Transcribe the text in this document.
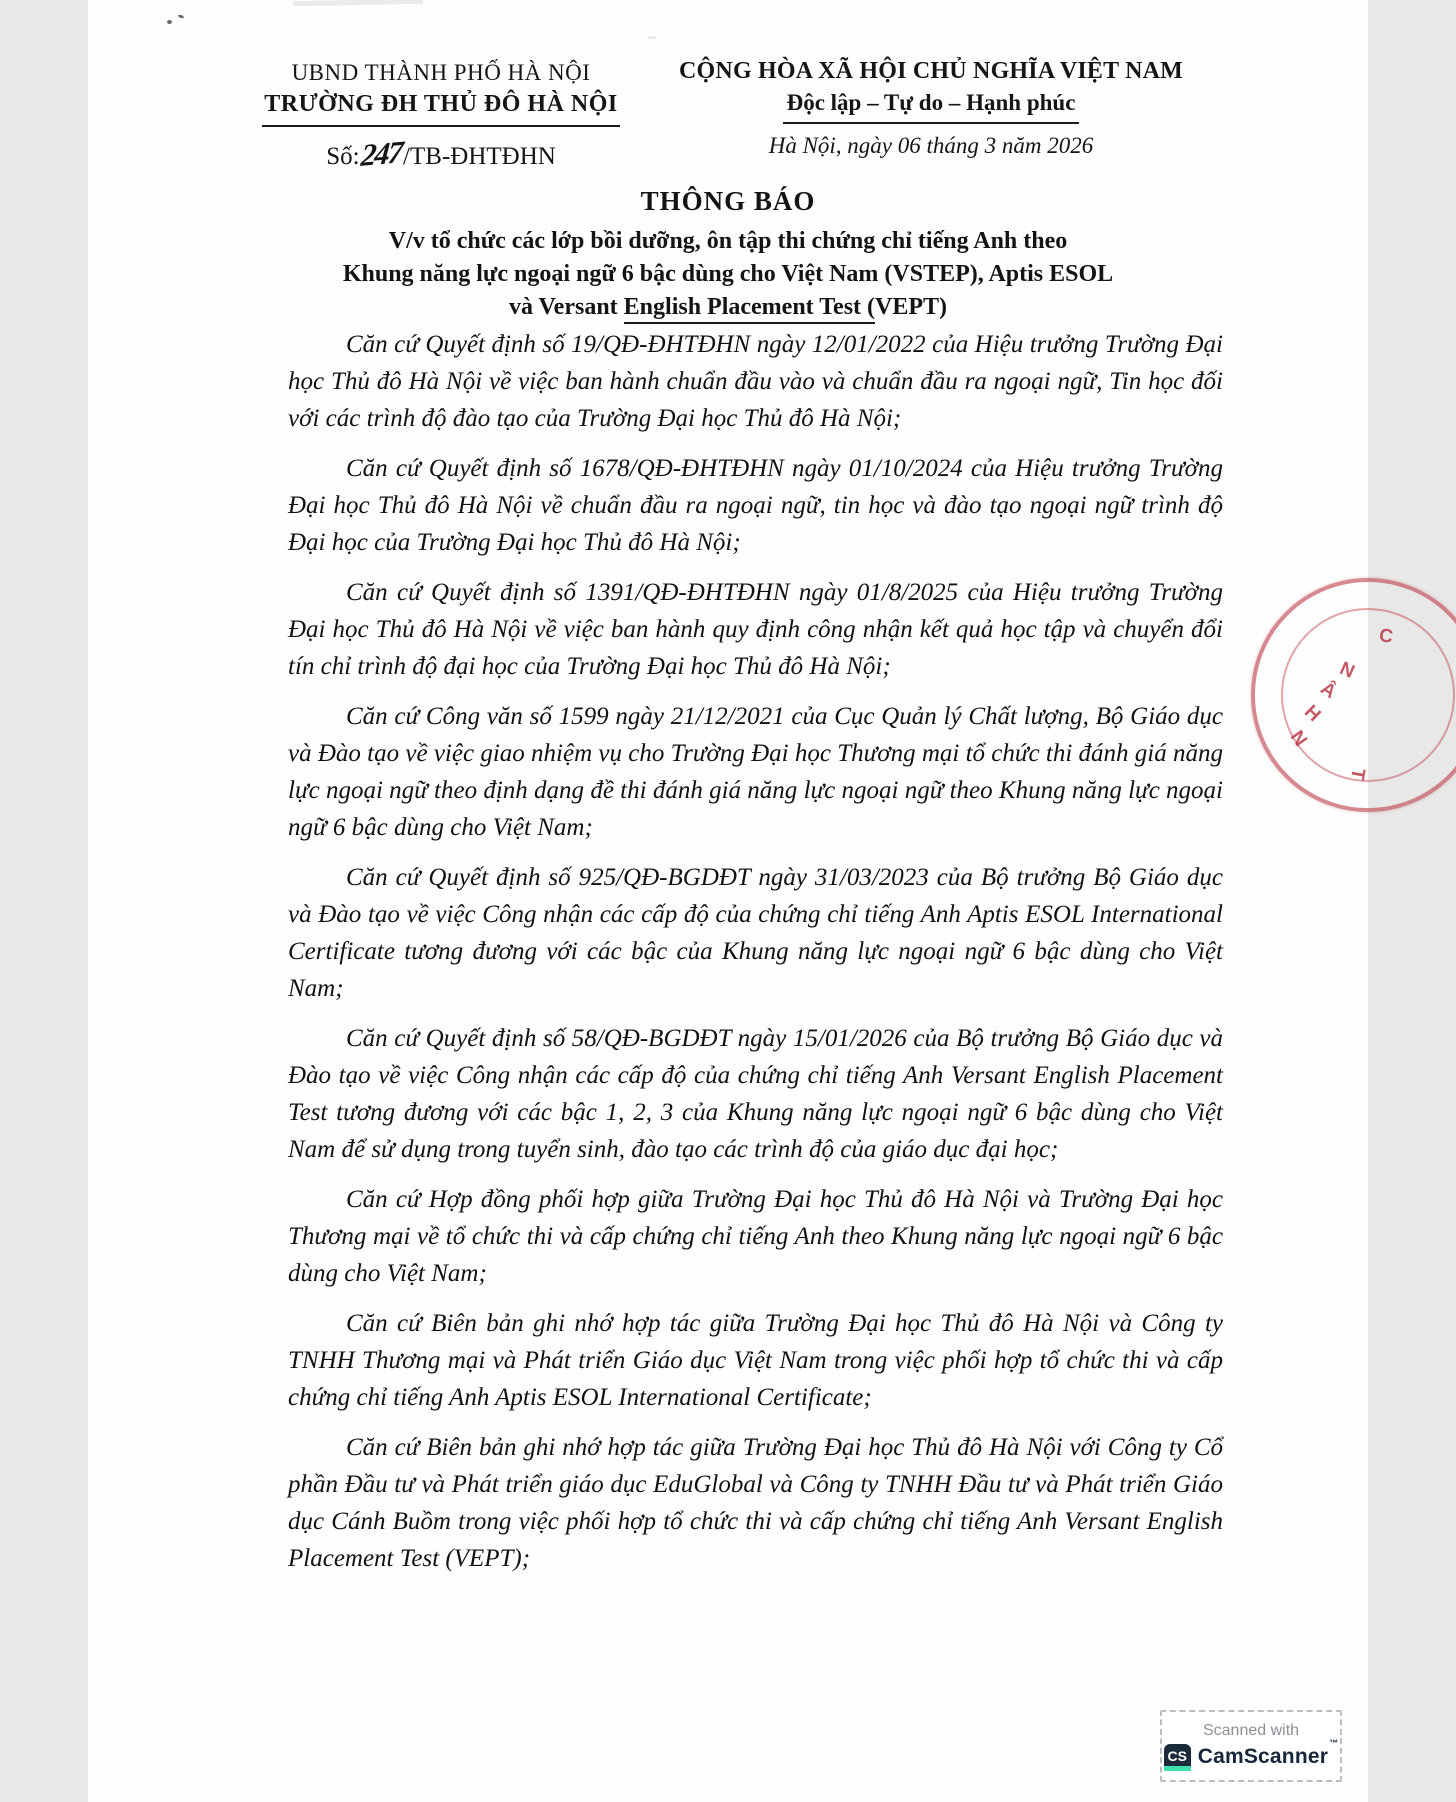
UBND THÀNH PHỐ HÀ NỘI
TRƯỜNG ĐH THỦ ĐÔ HÀ NỘI
Số:247/TB-ĐHTĐHN
CỘNG HÒA XÃ HỘI CHỦ NGHĨA VIỆT NAM
Độc lập – Tự do – Hạnh phúc
Hà Nội, ngày 06 tháng 3 năm 2026
THÔNG BÁO
V/v tổ chức các lớp bồi dưỡng, ôn tập thi chứng chỉ tiếng Anh theo
Khung năng lực ngoại ngữ 6 bậc dùng cho Việt Nam (VSTEP), Aptis ESOL
và Versant English Placement Test (VEPT)

Căn cứ Quyết định số 19/QĐ-ĐHTĐHN ngày 12/01/2022 của Hiệu trưởng Trường Đại học Thủ đô Hà Nội về việc ban hành chuẩn đầu vào và chuẩn đầu ra ngoại ngữ, Tin học đối với các trình độ đào tạo của Trường Đại học Thủ đô Hà Nội;

Căn cứ Quyết định số 1678/QĐ-ĐHTĐHN ngày 01/10/2024 của Hiệu trưởng Trường Đại học Thủ đô Hà Nội về chuẩn đầu ra ngoại ngữ, tin học và đào tạo ngoại ngữ trình độ Đại học của Trường Đại học Thủ đô Hà Nội;

Căn cứ Quyết định số 1391/QĐ-ĐHTĐHN ngày 01/8/2025 của Hiệu trưởng Trường Đại học Thủ đô Hà Nội về việc ban hành quy định công nhận kết quả học tập và chuyển đổi tín chỉ trình độ đại học của Trường Đại học Thủ đô Hà Nội;

Căn cứ Công văn số 1599 ngày 21/12/2021 của Cục Quản lý Chất lượng, Bộ Giáo dục và Đào tạo về việc giao nhiệm vụ cho Trường Đại học Thương mại tổ chức thi đánh giá năng lực ngoại ngữ theo định dạng đề thi đánh giá năng lực ngoại ngữ theo Khung năng lực ngoại ngữ 6 bậc dùng cho Việt Nam;

Căn cứ Quyết định số 925/QĐ-BGDĐT ngày 31/03/2023 của Bộ trưởng Bộ Giáo dục và Đào tạo về việc Công nhận các cấp độ của chứng chỉ tiếng Anh Aptis ESOL International Certificate tương đương với các bậc của Khung năng lực ngoại ngữ 6 bậc dùng cho Việt Nam;

Căn cứ Quyết định số 58/QĐ-BGDĐT ngày 15/01/2026 của Bộ trưởng Bộ Giáo dục và Đào tạo về việc Công nhận các cấp độ của chứng chỉ tiếng Anh Versant English Placement Test tương đương với các bậc 1, 2, 3 của Khung năng lực ngoại ngữ 6 bậc dùng cho Việt Nam để sử dụng trong tuyển sinh, đào tạo các trình độ của giáo dục đại học;

Căn cứ Hợp đồng phối hợp giữa Trường Đại học Thủ đô Hà Nội và Trường Đại học Thương mại về tổ chức thi và cấp chứng chỉ tiếng Anh theo Khung năng lực ngoại ngữ 6 bậc dùng cho Việt Nam;

Căn cứ Biên bản ghi nhớ hợp tác giữa Trường Đại học Thủ đô Hà Nội và Công ty TNHH Thương mại và Phát triển Giáo dục Việt Nam trong việc phối hợp tổ chức thi và cấp chứng chỉ tiếng Anh Aptis ESOL International Certificate;

Căn cứ Biên bản ghi nhớ hợp tác giữa Trường Đại học Thủ đô Hà Nội với Công ty Cổ phần Đầu tư và Phát triển giáo dục EduGlobal và Công ty TNHH Đầu tư và Phát triển Giáo dục Cánh Buồm trong việc phối hợp tổ chức thi và cấp chứng chỉ tiếng Anh Versant English Placement Test (VEPT);

N
H
Â
N
C
T
Scanned with
CS CamScanner™
